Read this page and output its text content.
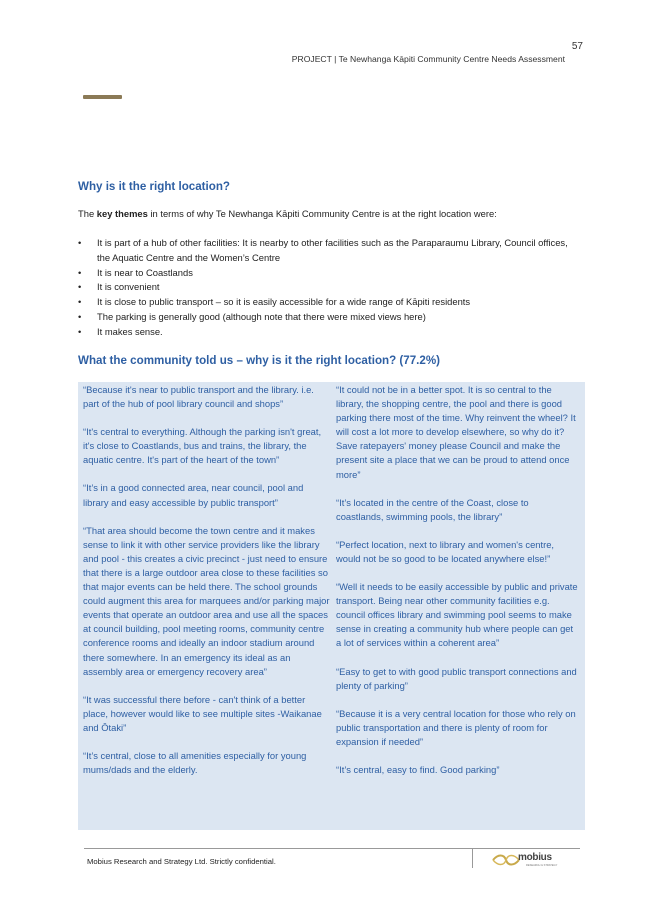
57
PROJECT | Te Newhanga Kāpiti Community Centre Needs Assessment
Why is it the right location?
The key themes in terms of why Te Newhanga Kāpiti Community Centre is at the right location were:
• It is part of a hub of other facilities: It is nearby to other facilities such as the Paraparaumu Library, Council offices, the Aquatic Centre and the Women’s Centre
• It is near to Coastlands
• It is convenient
• It is close to public transport – so it is easily accessible for a wide range of Kāpiti residents
• The parking is generally good (although note that there were mixed views here)
• It makes sense.
What the community told us – why is it the right location? (77.2%)

“Because it's near to public transport and the library. i.e. part of the hub of pool library council and shops”

“It's central to everything. Although the parking isn't great, it's close to Coastlands, bus and trains, the library, the aquatic centre. It's part of the heart of the town”

“It’s in a good connected area, near council, pool and library and easy accessible by public transport”

“That area should become the town centre and it makes sense to link it with other service providers like the library and pool - this creates a civic precinct - just need to ensure that there is a large outdoor area close to these facilities so that major events can be held there. The school grounds could augment this area for marquees and/or parking major events that operate an outdoor area and use all the spaces at council building, pool meeting rooms, community centre conference rooms and ideally an indoor stadium around there somewhere. In an emergency its ideal as an assembly area or emergency recovery area”

“It was successful there before - can't think of a better place, however would like to see multiple sites -Waikanae and Ōtaki”

“It’s central, close to all amenities especially for young mums/dads and the elderly.

“It could not be in a better spot. It is so central to the library, the shopping centre, the pool and there is good parking there most of the time. Why reinvent the wheel? It will cost a lot more to develop elsewhere, so why do it? Save ratepayers' money please Council and make the present site a place that we can be proud to attend once more”

“It’s located in the centre of the Coast, close to coastlands, swimming pools, the library”

“Perfect location, next to library and women's centre, would not be so good to be located anywhere else!”

“Well it needs to be easily accessible by public and private transport. Being near other community facilities e.g. council offices library and swimming pool seems to make sense in creating a community hub where people can get a lot of services within a coherent area”

“Easy to get to with good public transport connections and plenty of parking”

“Because it is a very central location for those who rely on public transportation and there is plenty of room for expansion if needed”

“It’s central, easy to find. Good parking”

Mobius Research and Strategy Ltd. Strictly confidential.	mobius
RESEARCH & STRATEGY
